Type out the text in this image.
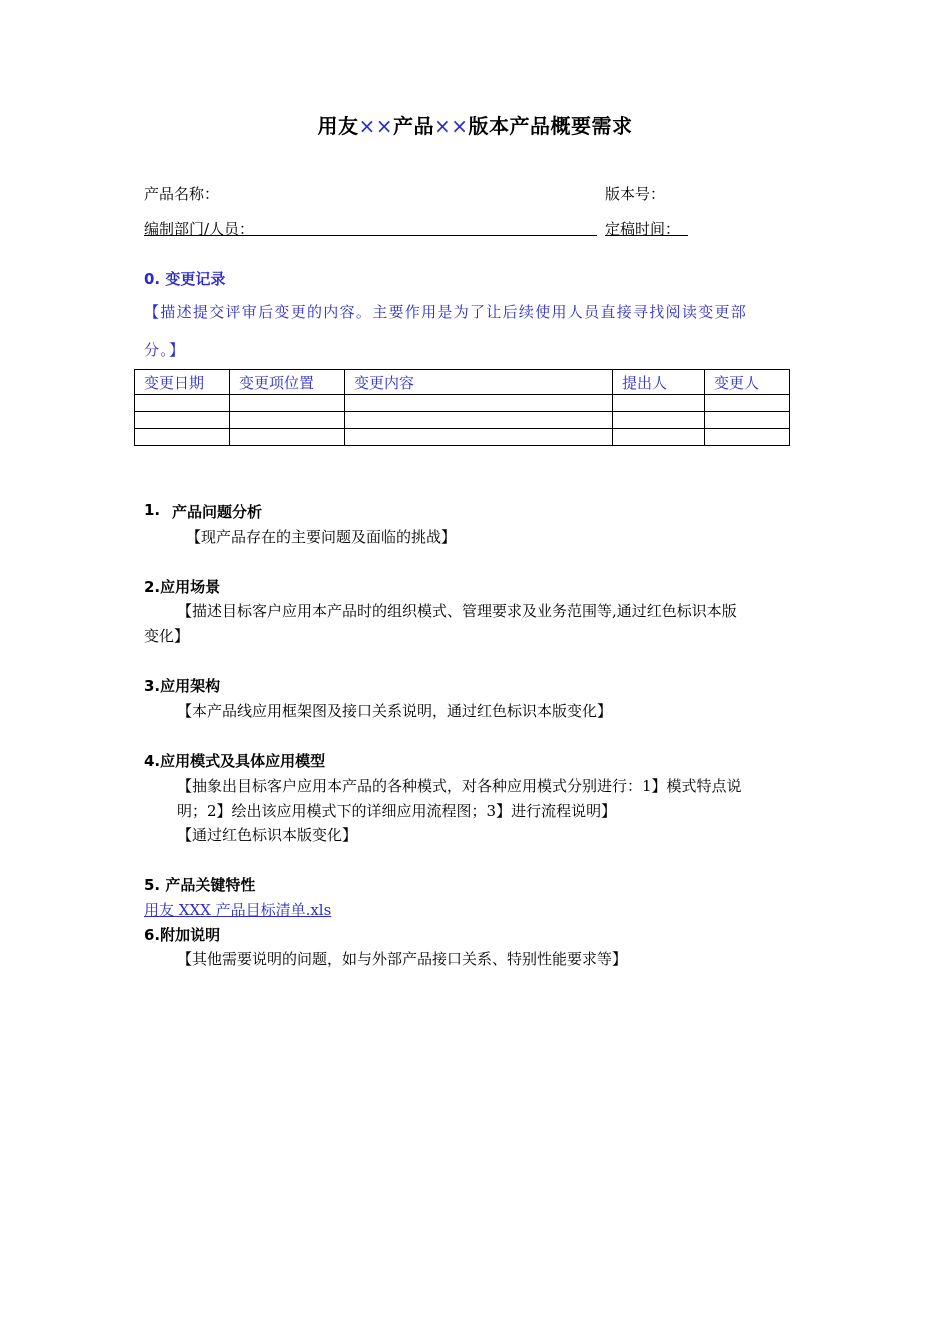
用友××产品××版本产品概要需求
产品名称：	版本号：
编制部门/人员：	定稿时间：
0. 变更记录
【描述提交评审后变更的内容。主要作用是为了让后续使用人员直接寻找阅读变更部
分。】
变更日期	变更项位置	变更内容	提出人	变更人

1. 产品问题分析
【现产品存在的主要问题及面临的挑战】
2.应用场景
【描述目标客户应用本产品时的组织模式、管理要求及业务范围等,通过红色标识本版
变化】
3.应用架构
【本产品线应用框架图及接口关系说明，通过红色标识本版变化】
4.应用模式及具体应用模型
【抽象出目标客户应用本产品的各种模式，对各种应用模式分别进行：1】模式特点说
明；2】绘出该应用模式下的详细应用流程图；3】进行流程说明】
【通过红色标识本版变化】
5. 产品关键特性
用友 XXX 产品目标清单.xls
6.附加说明
【其他需要说明的问题，如与外部产品接口关系、特别性能要求等】
